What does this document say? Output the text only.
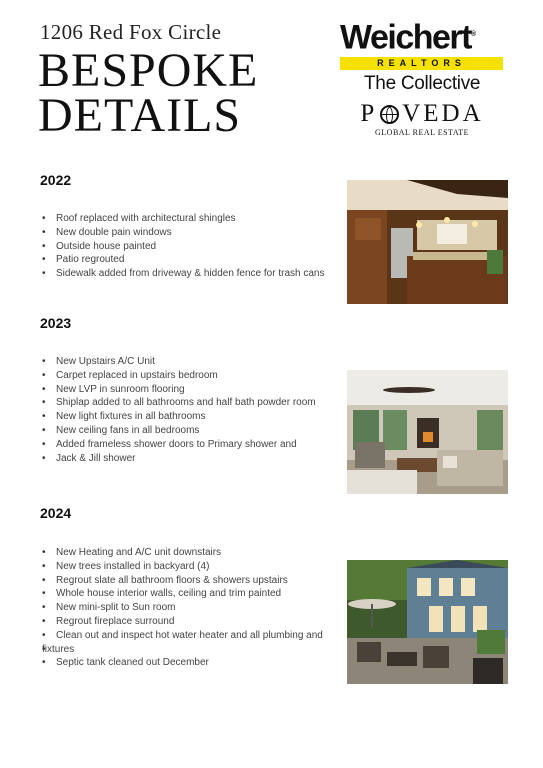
1206 Red Fox Circle
BESPOKE
DETAILS
Weichert®
REALTORS
The Collective
P VEDA
GLOBAL REAL ESTATE
2022
• Roof replaced with architectural shingles
• New double pain windows
• Outside house painted
• Patio regrouted
• Sidewalk added from driveway & hidden fence for trash cans
2023
• New Upstairs A/C Unit
• Carpet replaced in upstairs bedroom
• New LVP in sunroom flooring
• Shiplap added to all bathrooms and half bath powder room
• New light fixtures in all bathrooms
• New ceiling fans in all bedrooms
• Added frameless shower doors to Primary shower and
• Jack & Jill shower
2024
• New Heating and A/C unit downstairs
• New trees installed in backyard (4)
• Regrout slate all bathroom floors & showers upstairs
• Whole house interior walls, ceiling and trim painted
• New mini-split to Sun room
• Regrout fireplace surround
• Clean out and inspect hot water heater and all plumbing and
• fixtures
• Septic tank cleaned out December
